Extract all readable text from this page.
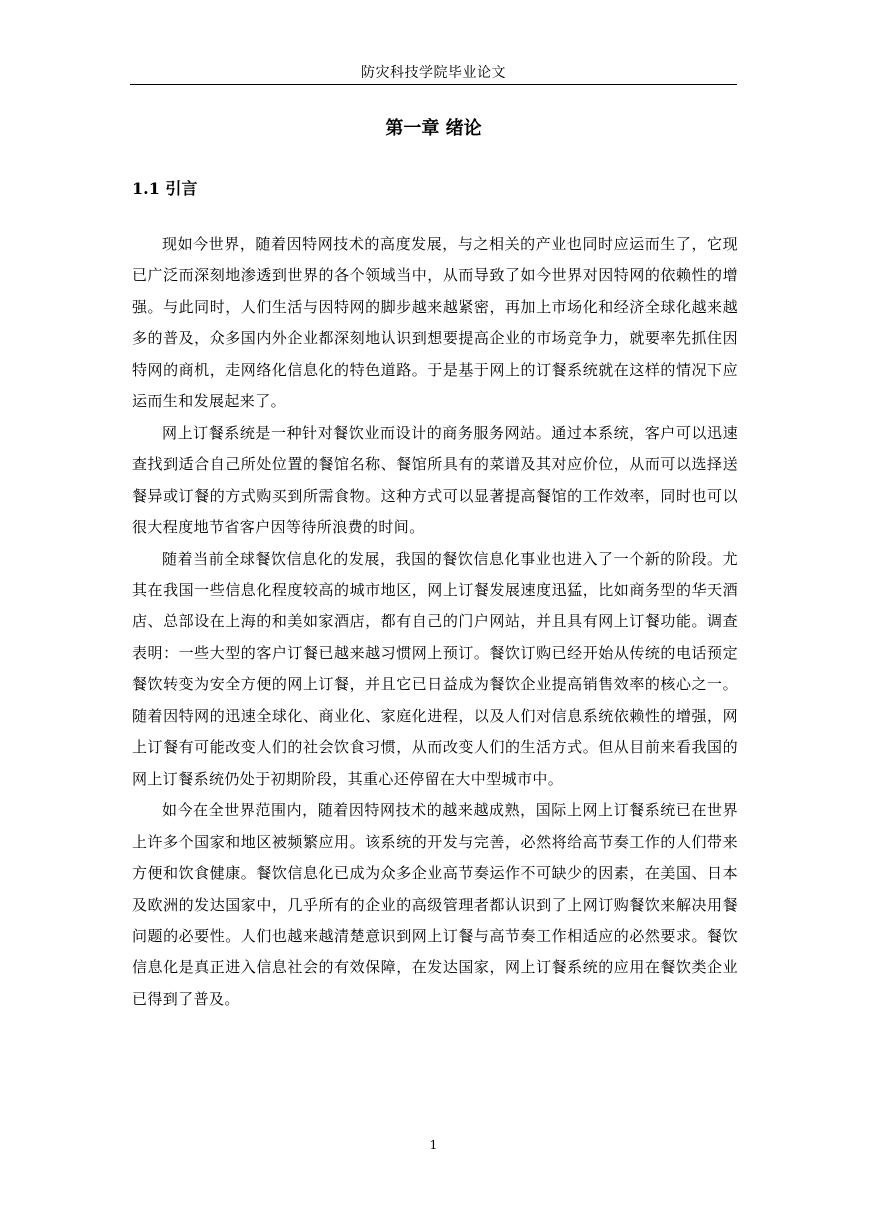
防灾科技学院毕业论文
第一章 绪论
1.1 引言

现如今世界，随着因特网技术的高度发展，与之相关的产业也同时应运而生了，它现已广泛而深刻地渗透到世界的各个领域当中，从而导致了如今世界对因特网的依赖性的增强。与此同时，人们生活与因特网的脚步越来越紧密，再加上市场化和经济全球化越来越多的普及，众多国内外企业都深刻地认识到想要提高企业的市场竞争力，就要率先抓住因特网的商机，走网络化信息化的特色道路。于是基于网上的订餐系统就在这样的情况下应运而生和发展起来了。

网上订餐系统是一种针对餐饮业而设计的商务服务网站。通过本系统，客户可以迅速查找到适合自己所处位置的餐馆名称、餐馆所具有的菜谱及其对应价位，从而可以选择送餐异或订餐的方式购买到所需食物。这种方式可以显著提高餐馆的工作效率，同时也可以很大程度地节省客户因等待所浪费的时间。

随着当前全球餐饮信息化的发展，我国的餐饮信息化事业也进入了一个新的阶段。尤其在我国一些信息化程度较高的城市地区，网上订餐发展速度迅猛，比如商务型的华天酒店、总部设在上海的和美如家酒店，都有自己的门户网站，并且具有网上订餐功能。调查表明：一些大型的客户订餐已越来越习惯网上预订。餐饮订购已经开始从传统的电话预定餐饮转变为安全方便的网上订餐，并且它已日益成为餐饮企业提高销售效率的核心之一。随着因特网的迅速全球化、商业化、家庭化进程，以及人们对信息系统依赖性的增强，网上订餐有可能改变人们的社会饮食习惯，从而改变人们的生活方式。但从目前来看我国的网上订餐系统仍处于初期阶段，其重心还停留在大中型城市中。

如今在全世界范围内，随着因特网技术的越来越成熟，国际上网上订餐系统已在世界上许多个国家和地区被频繁应用。该系统的开发与完善，必然将给高节奏工作的人们带来方便和饮食健康。餐饮信息化已成为众多企业高节奏运作不可缺少的因素，在美国、日本及欧洲的发达国家中，几乎所有的企业的高级管理者都认识到了上网订购餐饮来解决用餐问题的必要性。人们也越来越清楚意识到网上订餐与高节奏工作相适应的必然要求。餐饮信息化是真正进入信息社会的有效保障，在发达国家，网上订餐系统的应用在餐饮类企业已得到了普及。

1
